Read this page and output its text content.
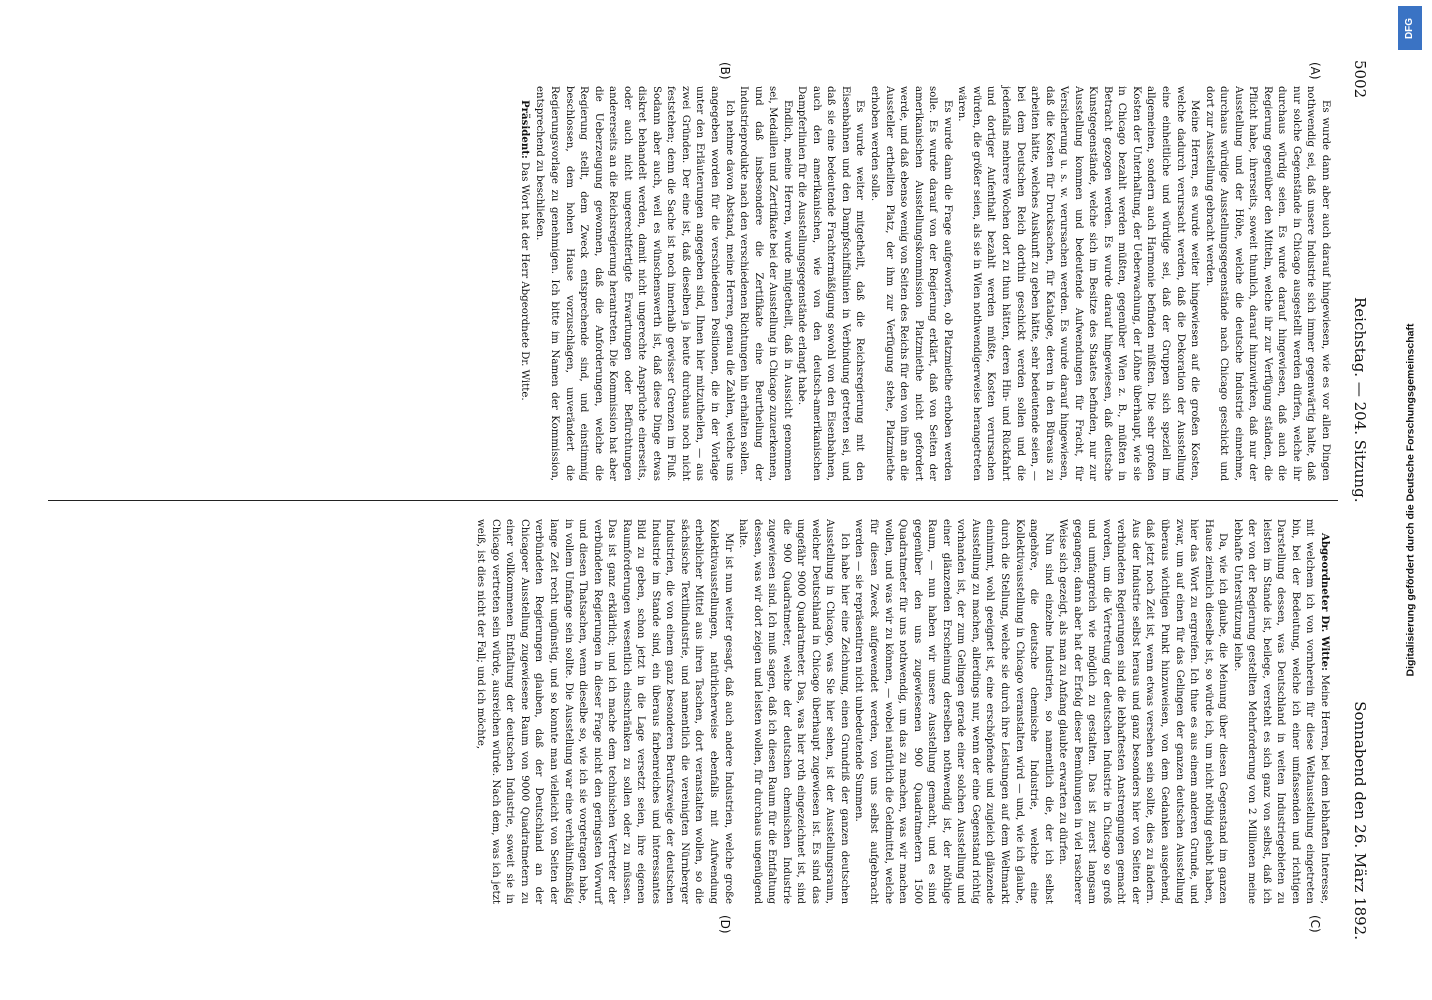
5002
Reichstag. — 204. Sitzung.
Sonnabend den 26. März 1892.
(A)
(B)
(C)
(D)

Es wurde dann aber auch darauf hingewiesen, wie es vor allen Dingen nothwendig sei, daß unsere Industrie sich immer gegenwärtig halte, daß nur solche Gegenstände in Chicago ausgestellt werden dürfen, welche ihr durchaus würdig seien. Es wurde darauf hingewiesen, daß auch die Regierung gegenüber den Mitteln, welche ihr zur Verfügung ständen, die Pflicht habe, ihrerseits, soweit thunlich, darauf hinzuwirken, daß nur der Ausstellung und der Höhe, welche die deutsche Industrie einnehme, durchaus würdige Ausstellungsgegenstände nach Chicago geschickt und dort zur Ausstellung gebracht werden.

Meine Herren, es wurde weiter hingewiesen auf die großen Kosten, welche dadurch verursacht werden, daß die Dekoration der Ausstellung eine einheitliche und würdige sei, daß der Gruppen sich speziell im allgemeinen, sondern auch Harmonie befinden müßten. Die sehr großen Kosten der Unterhaltung, der Ueberwachung, der Löhne überhaupt, wie sie in Chicago bezahlt werden müßten, gegenüber Wien z. B., müßten in Betracht gezogen werden. Es wurde darauf hingewiesen, daß deutsche Kunstgegenstände, welche sich im Besitze des Staates befinden, nur zur Ausstellung kommen und bedeutende Aufwendungen für Fracht, für Versicherung u. s. w. verursachen werden. Es wurde darauf hingewiesen, daß die Kosten für Drucksachen, für Kataloge, deren in den Büreaus zu arbeiten hätte, welches Auskunft zu geben hätte, sehr bedeutende seien, — bei dem Deutschen Reich dorthin geschickt werden sollen und die jedenfalls mehrere Wochen dort zu thun hätten, deren Hin- und Rückfahrt und dortiger Aufenthalt bezahlt werden müßte, Kosten verursachen würden, die größer seien, als sie in Wien nothwendigerweise herangetreten wären.

Es wurde dann die Frage aufgeworfen, ob Platzmiethe erhoben werden solle. Es wurde darauf von der Regierung erklärt, daß von Seiten der amerikanischen Ausstellungskommission Platzmiethe nicht gefordert werde, und daß ebenso wenig von Seiten des Reichs für den von ihm an die Aussteller ertheilten Platz, der ihm zur Verfügung stehe, Platzmiethe erhoben werden solle.

Es wurde weiter mitgetheilt, daß die Reichsregierung mit den Eisenbahnen und den Dampfschiffslinien in Verbindung getreten sei, und daß sie eine bedeutende Frachtermäßigung sowohl von den Eisenbahnen, auch den amerikanischen, wie von den deutsch-amerikanischen Dampferlinien für die Ausstellungsgegenstände erlangt habe.

Endlich, meine Herren, wurde mitgetheilt, daß in Aussicht genommen sei, Medaillen und Zertifikate bei der Ausstellung in Chicago zuzuerkennen, und daß insbesondere die Zertifikate eine Beurtheilung der Industrieprodukte nach den verschiedenen Richtungen hin erhalten sollen.

Ich nehme davon Abstand, meine Herren, genau die Zahlen, welche uns angegeben worden für die verschiedenen Positionen, die in der Vorlage unter den Erläuterungen angegeben sind, Ihnen hier mitzutheilen, — aus zwei Gründen. Der eine ist, daß dieselben ja heute durchaus noch nicht feststehen; denn die Sache ist noch innerhalb gewisser Grenzen im Fluß. Sodann aber auch, weil es wünschenswerth ist, daß diese Dinge etwas diskret behandelt werden, damit nicht ungerechte Ansprüche einerseits, oder auch nicht ungerechtfertigte Erwartungen oder Befürchtungen andererseits an die Reichsregierung herantreten. Die Kommission hat aber die Ueberzeugung gewonnen, daß die Anforderungen, welche die Regierung stellt, dem Zweck entsprechende sind, und einstimmig beschlossen, dem hohen Hause vorzuschlagen, unverändert die Regierungsvorlage zu genehmigen. Ich bitte im Namen der Kommission, entsprechend zu beschließen.

Präsident: Das Wort hat der Herr Abgeordnete Dr. Witte.

Abgeordneter Dr. Witte: Meine Herren, bei dem lebhaften Interesse, mit welchem ich von vornherein für diese Weltausstellung eingetreten bin, bei der Bedeutung, welche ich einer umfassenden und richtigen Darstellung dessen, was Deutschland in weiten Industriegebieten zu leisten im Stande ist, beilege, versteht es sich ganz von selbst, daß ich der von der Regierung gestellten Mehrforderung von 2 Millionen meine lebhafte Unterstützung leihe.

Da, wie ich glaube, die Meinung über diesen Gegenstand im ganzen Hause ziemlich dieselbe ist, so würde ich, um nicht nöthig gehabt haben, hier das Wort zu ergreifen. Ich thue es aus einem anderen Grunde, und zwar, um auf einen für das Gelingen der ganzen deutschen Ausstellung überaus wichtigen Punkt hinzuweisen, von dem Gedanken ausgehend, daß jetzt noch Zeit ist, wenn etwas versehen sein sollte, dies zu ändern. Aus der Industrie selbst heraus und ganz besonders hier von Seiten der verbündeten Regierungen sind die lebhaftesten Anstrengungen gemacht worden, um die Vertretung der deutschen Industrie in Chicago so groß und umfangreich wie möglich zu gestalten. Das ist zuerst langsam gegangen; dann aber hat der Erfolg dieser Bemühungen in viel rascherer Weise sich gezeigt, als man zu Anfang glaubte erwarten zu dürfen.

Nun sind einzelne Industrien, so namentlich die, der ich selbst angehöre, die deutsche chemische Industrie, welche eine Kollektivausstellung in Chicago veranstalten wird — und, wie ich glaube, durch die Stellung, welche sie durch ihre Leistungen auf dem Weltmarkt einnimmt, wohl geeignet ist, eine erschöpfende und zugleich glänzende Ausstellung zu machen, allerdings nur, wenn der eine Gegenstand richtig vorhanden ist, der zum Gelingen gerade einer solchen Ausstellung und einer glänzenden Erscheinung derselben nothwendig ist, der nöthige Raum, — nun haben wir unsere Ausstellung gemacht, und es sind gegenüber den uns zugewiesenen 900 Quadratmetern 1500 Quadratmeter für uns nothwendig, um das zu machen, was wir machen wollen, und was wir zu können, — wobei natürlich die Geldmittel, welche für diesen Zweck aufgewendet werden, von uns selbst aufgebracht werden — sie repräsentiren nicht unbedeutende Summen.

Ich habe hier eine Zeichnung, einen Grundriß der ganzen deutschen Ausstellung in Chicago, was Sie hier sehen, ist der Ausstellungsraum, welcher Deutschland in Chicago überhaupt zugewiesen ist. Es sind das ungefähr 9000 Quadratmeter. Das, was hier roth eingezeichnet ist, sind die 900 Quadratmeter, welche der deutschen chemischen Industrie zugewiesen sind. Ich muß sagen, daß ich diesen Raum für die Entfaltung dessen, was wir dort zeigen und leisten wollen, für durchaus ungenügend halte.

Mir ist nun weiter gesagt, daß auch andere Industrien, welche große Kollektivausstellungen, natürlicherweise ebenfalls mit Aufwendung erheblicher Mittel aus ihren Taschen, dort veranstalten wollen, so die sächsische Textilindustrie, und namentlich die vereinigten Nürnberger Industrien, die von einem ganz besonderen Berufszweige der deutschen Industrie im Stande sind, ein überaus farbenreiches und interessantes Bild zu geben, schon jetzt in die Lage versetzt seien, ihre eigenen Raumforderungen wesentlich einschränken zu sollen oder zu müssen. Das ist ganz erklärlich; und ich mache dem technischen Vertreter der verbündeten Regierungen in dieser Frage nicht den geringsten Vorwurf und diesen Thatsachen, wenn dieselbe so, wie ich sie vorgetragen habe, in vollem Umfange sein sollte. Die Ausstellung war eine verhältnißmäßig lange Zeit recht ungünstig, und so konnte man vielleicht von Seiten der verbündeten Regierungen glauben, daß der Deutschland an der Chicagoer Ausstellung zugewiesene Raum von 9000 Quadratmetern zu einer vollkommenen Entfaltung der deutschen Industrie, soweit sie in Chicago vertreten sein würde, ausreichen würde. Nach dem, was ich jetzt weiß, ist dies nicht der Fall; und ich möchte,

DFG
Digitalisierung gefördert durch die Deutsche Forschungsgemeinschaft
